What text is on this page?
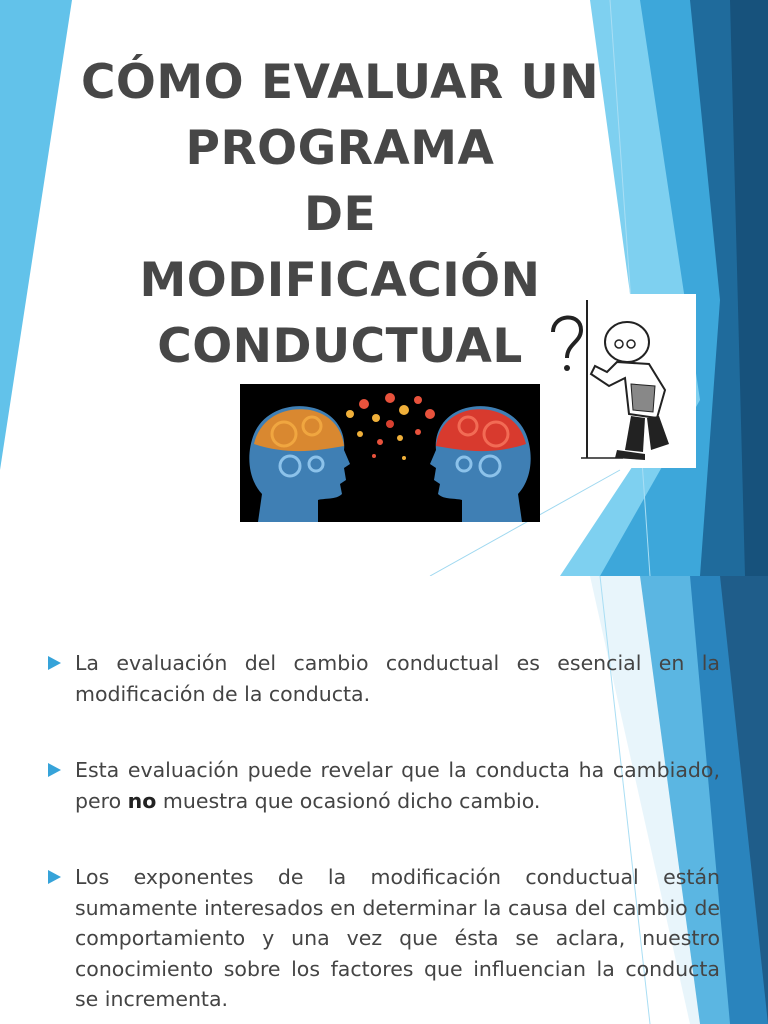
CÓMO EVALUAR UN
PROGRAMA
DE
MODIFICACIÓN
CONDUCTUAL
La evaluación del cambio conductual es esencial en la modificación de la conducta.
Esta evaluación puede revelar que la conducta ha cambiado, pero no muestra que ocasionó dicho cambio.
Los exponentes de la modificación conductual están sumamente interesados en determinar la causa del cambio de comportamiento y una vez que ésta se aclara, nuestro conocimiento sobre los factores que influencian la conducta se incrementa.
